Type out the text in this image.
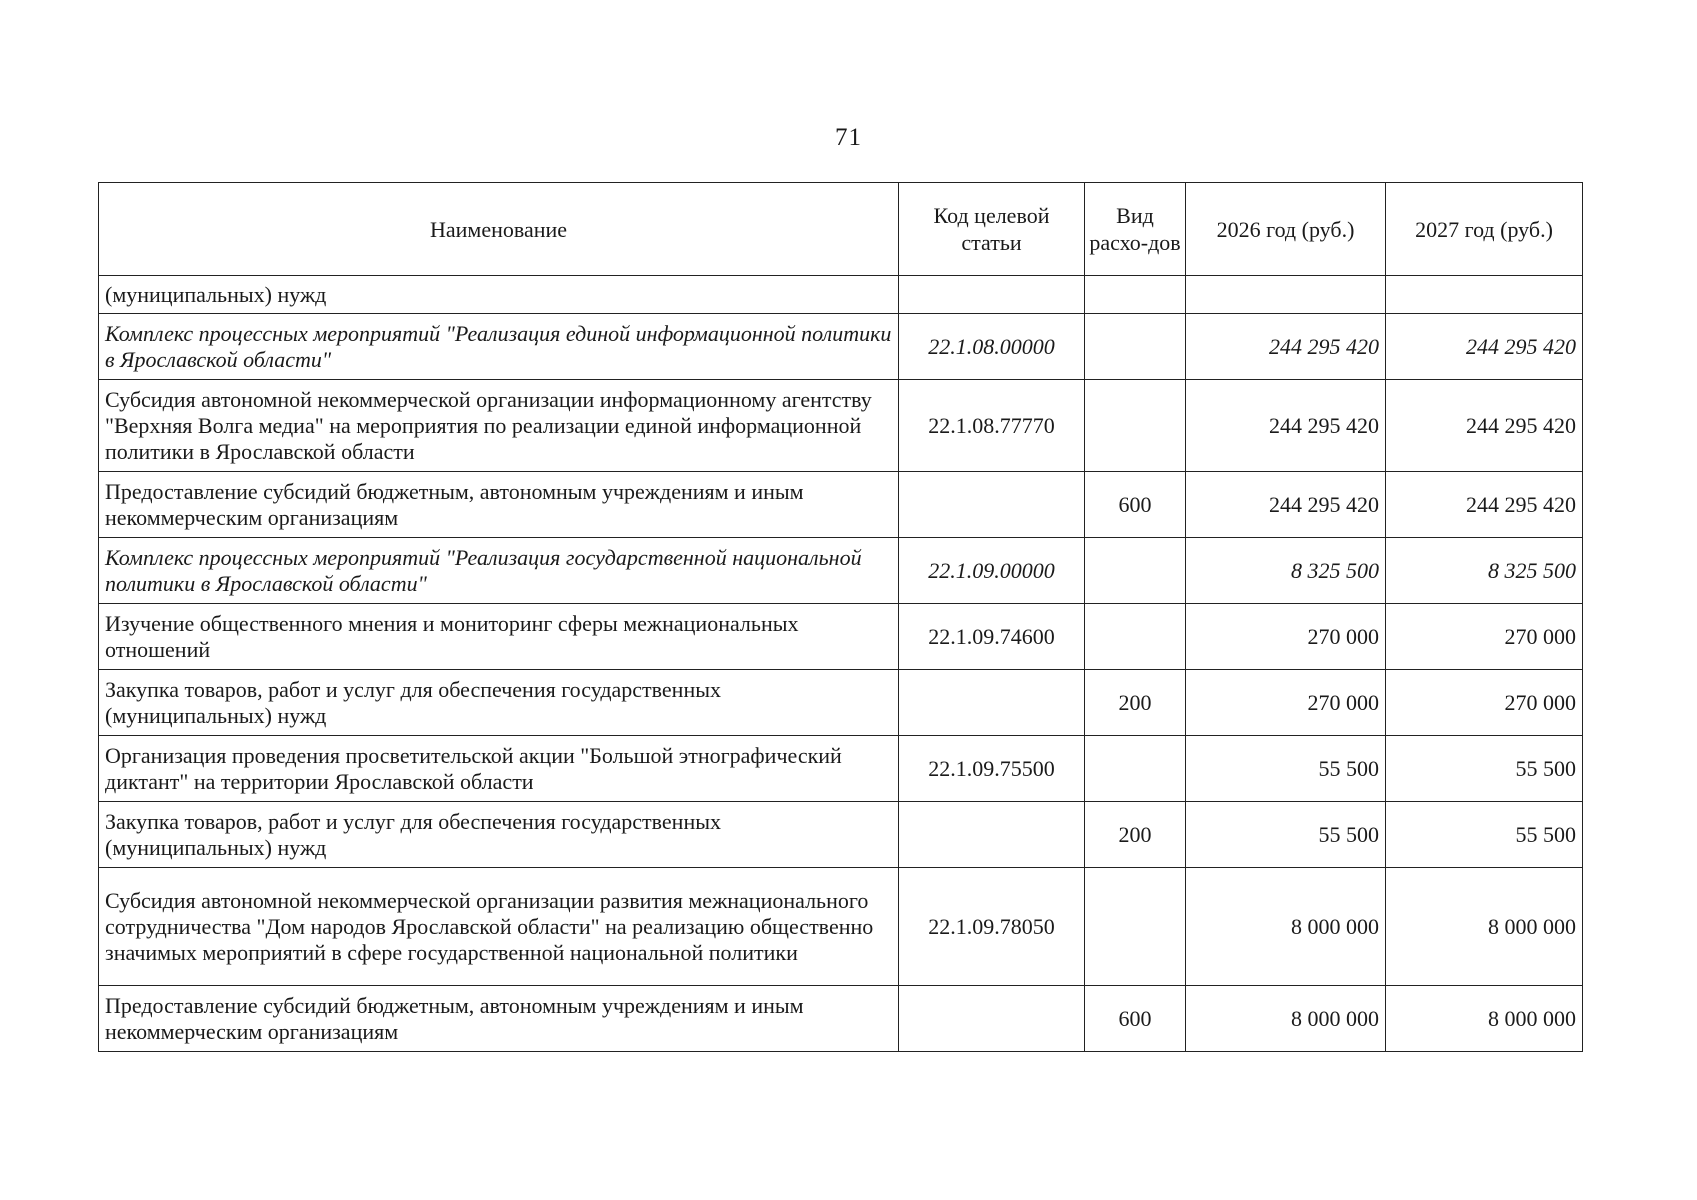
71
Наименование	Код целевой статьи	Вид расхо-дов	2026 год (руб.)	2027 год (руб.)
(муниципальных) нужд				
Комплекс процессных мероприятий "Реализация единой информационной политики в Ярославской области"	22.1.08.00000		244 295 420	244 295 420
Субсидия автономной некоммерческой организации информационному агентству "Верхняя Волга медиа" на мероприятия по реализации единой информационной политики в Ярославской области	22.1.08.77770		244 295 420	244 295 420
Предоставление субсидий бюджетным, автономным учреждениям и иным некоммерческим организациям		600	244 295 420	244 295 420
Комплекс процессных мероприятий "Реализация государственной национальной политики в Ярославской области"	22.1.09.00000		8 325 500	8 325 500
Изучение общественного мнения и мониторинг сферы межнациональных отношений	22.1.09.74600		270 000	270 000
Закупка товаров, работ и услуг для обеспечения государственных (муниципальных) нужд		200	270 000	270 000
Организация проведения просветительской акции "Большой этнографический диктант" на территории Ярославской области	22.1.09.75500		55 500	55 500
Закупка товаров, работ и услуг для обеспечения государственных (муниципальных) нужд		200	55 500	55 500
Субсидия автономной некоммерческой организации развития межнационального сотрудничества "Дом народов Ярославской области" на реализацию общественно значимых мероприятий в сфере государственной национальной политики	22.1.09.78050		8 000 000	8 000 000
Предоставление субсидий бюджетным, автономным учреждениям и иным некоммерческим организациям		600	8 000 000	8 000 000
